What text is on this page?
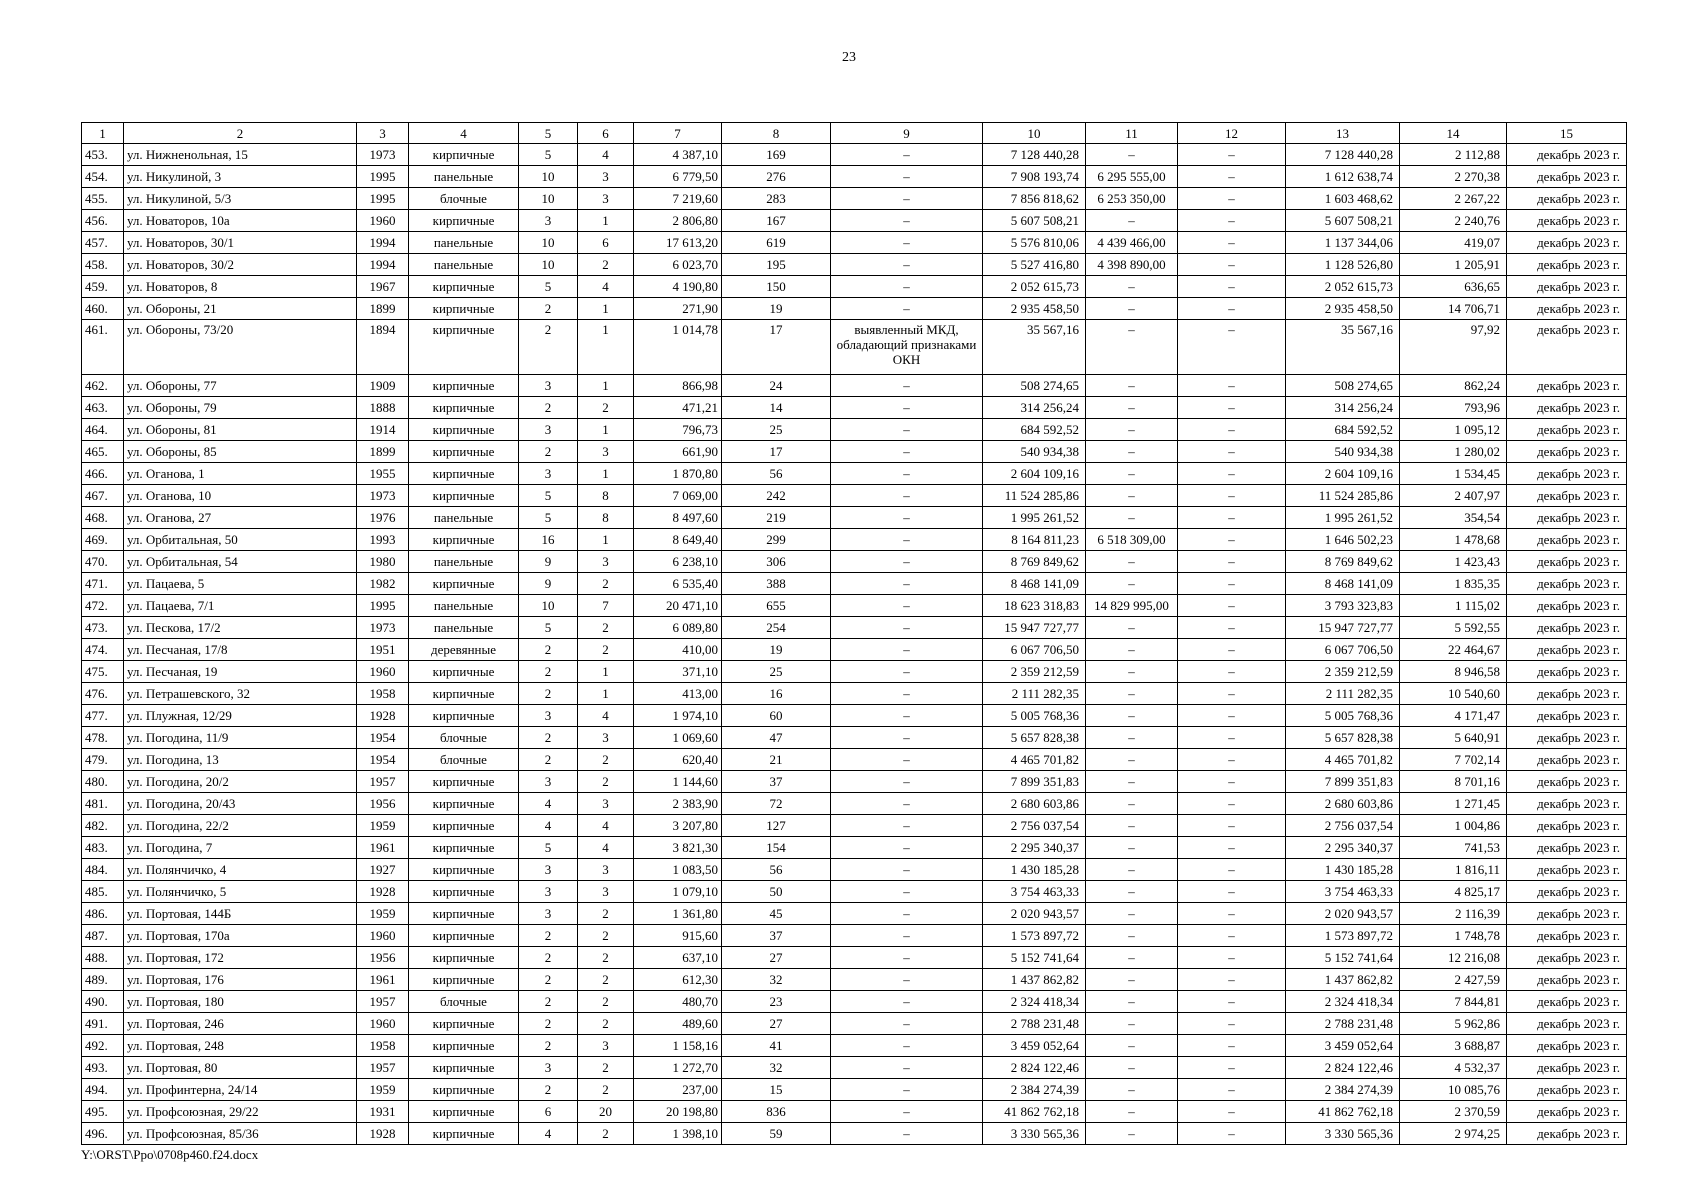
23
1	2	3	4	5	6	7	8	9	10	11	12	13	14	15
453.	ул. Нижненольная, 15	1973	кирпичные	5	4	4 387,10	169	–	7 128 440,28	–	–	7 128 440,28	2 112,88	декабрь 2023 г.
454.	ул. Никулиной, 3	1995	панельные	10	3	6 779,50	276	–	7 908 193,74	6 295 555,00	–	1 612 638,74	2 270,38	декабрь 2023 г.
455.	ул. Никулиной, 5/3	1995	блочные	10	3	7 219,60	283	–	7 856 818,62	6 253 350,00	–	1 603 468,62	2 267,22	декабрь 2023 г.
456.	ул. Новаторов, 10а	1960	кирпичные	3	1	2 806,80	167	–	5 607 508,21	–	–	5 607 508,21	2 240,76	декабрь 2023 г.
457.	ул. Новаторов, 30/1	1994	панельные	10	6	17 613,20	619	–	5 576 810,06	4 439 466,00	–	1 137 344,06	419,07	декабрь 2023 г.
458.	ул. Новаторов, 30/2	1994	панельные	10	2	6 023,70	195	–	5 527 416,80	4 398 890,00	–	1 128 526,80	1 205,91	декабрь 2023 г.
459.	ул. Новаторов, 8	1967	кирпичные	5	4	4 190,80	150	–	2 052 615,73	–	–	2 052 615,73	636,65	декабрь 2023 г.
460.	ул. Обороны, 21	1899	кирпичные	2	1	271,90	19	–	2 935 458,50	–	–	2 935 458,50	14 706,71	декабрь 2023 г.
461.	ул. Обороны, 73/20	1894	кирпичные	2	1	1 014,78	17	выявленный МКД, обладающий признаками ОКН	35 567,16	–	–	35 567,16	97,92	декабрь 2023 г.
462.	ул. Обороны, 77	1909	кирпичные	3	1	866,98	24	–	508 274,65	–	–	508 274,65	862,24	декабрь 2023 г.
463.	ул. Обороны, 79	1888	кирпичные	2	2	471,21	14	–	314 256,24	–	–	314 256,24	793,96	декабрь 2023 г.
464.	ул. Обороны, 81	1914	кирпичные	3	1	796,73	25	–	684 592,52	–	–	684 592,52	1 095,12	декабрь 2023 г.
465.	ул. Обороны, 85	1899	кирпичные	2	3	661,90	17	–	540 934,38	–	–	540 934,38	1 280,02	декабрь 2023 г.
466.	ул. Оганова, 1	1955	кирпичные	3	1	1 870,80	56	–	2 604 109,16	–	–	2 604 109,16	1 534,45	декабрь 2023 г.
467.	ул. Оганова, 10	1973	кирпичные	5	8	7 069,00	242	–	11 524 285,86	–	–	11 524 285,86	2 407,97	декабрь 2023 г.
468.	ул. Оганова, 27	1976	панельные	5	8	8 497,60	219	–	1 995 261,52	–	–	1 995 261,52	354,54	декабрь 2023 г.
469.	ул. Орбитальная, 50	1993	кирпичные	16	1	8 649,40	299	–	8 164 811,23	6 518 309,00	–	1 646 502,23	1 478,68	декабрь 2023 г.
470.	ул. Орбитальная, 54	1980	панельные	9	3	6 238,10	306	–	8 769 849,62	–	–	8 769 849,62	1 423,43	декабрь 2023 г.
471.	ул. Пацаева, 5	1982	кирпичные	9	2	6 535,40	388	–	8 468 141,09	–	–	8 468 141,09	1 835,35	декабрь 2023 г.
472.	ул. Пацаева, 7/1	1995	панельные	10	7	20 471,10	655	–	18 623 318,83	14 829 995,00	–	3 793 323,83	1 115,02	декабрь 2023 г.
473.	ул. Пескова, 17/2	1973	панельные	5	2	6 089,80	254	–	15 947 727,77	–	–	15 947 727,77	5 592,55	декабрь 2023 г.
474.	ул. Песчаная, 17/8	1951	деревянные	2	2	410,00	19	–	6 067 706,50	–	–	6 067 706,50	22 464,67	декабрь 2023 г.
475.	ул. Песчаная, 19	1960	кирпичные	2	1	371,10	25	–	2 359 212,59	–	–	2 359 212,59	8 946,58	декабрь 2023 г.
476.	ул. Петрашевского, 32	1958	кирпичные	2	1	413,00	16	–	2 111 282,35	–	–	2 111 282,35	10 540,60	декабрь 2023 г.
477.	ул. Плужная, 12/29	1928	кирпичные	3	4	1 974,10	60	–	5 005 768,36	–	–	5 005 768,36	4 171,47	декабрь 2023 г.
478.	ул. Погодина, 11/9	1954	блочные	2	3	1 069,60	47	–	5 657 828,38	–	–	5 657 828,38	5 640,91	декабрь 2023 г.
479.	ул. Погодина, 13	1954	блочные	2	2	620,40	21	–	4 465 701,82	–	–	4 465 701,82	7 702,14	декабрь 2023 г.
480.	ул. Погодина, 20/2	1957	кирпичные	3	2	1 144,60	37	–	7 899 351,83	–	–	7 899 351,83	8 701,16	декабрь 2023 г.
481.	ул. Погодина, 20/43	1956	кирпичные	4	3	2 383,90	72	–	2 680 603,86	–	–	2 680 603,86	1 271,45	декабрь 2023 г.
482.	ул. Погодина, 22/2	1959	кирпичные	4	4	3 207,80	127	–	2 756 037,54	–	–	2 756 037,54	1 004,86	декабрь 2023 г.
483.	ул. Погодина, 7	1961	кирпичные	5	4	3 821,30	154	–	2 295 340,37	–	–	2 295 340,37	741,53	декабрь 2023 г.
484.	ул. Полянчичко, 4	1927	кирпичные	3	3	1 083,50	56	–	1 430 185,28	–	–	1 430 185,28	1 816,11	декабрь 2023 г.
485.	ул. Полянчичко, 5	1928	кирпичные	3	3	1 079,10	50	–	3 754 463,33	–	–	3 754 463,33	4 825,17	декабрь 2023 г.
486.	ул. Портовая, 144Б	1959	кирпичные	3	2	1 361,80	45	–	2 020 943,57	–	–	2 020 943,57	2 116,39	декабрь 2023 г.
487.	ул. Портовая, 170а	1960	кирпичные	2	2	915,60	37	–	1 573 897,72	–	–	1 573 897,72	1 748,78	декабрь 2023 г.
488.	ул. Портовая, 172	1956	кирпичные	2	2	637,10	27	–	5 152 741,64	–	–	5 152 741,64	12 216,08	декабрь 2023 г.
489.	ул. Портовая, 176	1961	кирпичные	2	2	612,30	32	–	1 437 862,82	–	–	1 437 862,82	2 427,59	декабрь 2023 г.
490.	ул. Портовая, 180	1957	блочные	2	2	480,70	23	–	2 324 418,34	–	–	2 324 418,34	7 844,81	декабрь 2023 г.
491.	ул. Портовая, 246	1960	кирпичные	2	2	489,60	27	–	2 788 231,48	–	–	2 788 231,48	5 962,86	декабрь 2023 г.
492.	ул. Портовая, 248	1958	кирпичные	2	3	1 158,16	41	–	3 459 052,64	–	–	3 459 052,64	3 688,87	декабрь 2023 г.
493.	ул. Портовая, 80	1957	кирпичные	3	2	1 272,70	32	–	2 824 122,46	–	–	2 824 122,46	4 532,37	декабрь 2023 г.
494.	ул. Профинтерна, 24/14	1959	кирпичные	2	2	237,00	15	–	2 384 274,39	–	–	2 384 274,39	10 085,76	декабрь 2023 г.
495.	ул. Профсоюзная, 29/22	1931	кирпичные	6	20	20 198,80	836	–	41 862 762,18	–	–	41 862 762,18	2 370,59	декабрь 2023 г.
496.	ул. Профсоюзная, 85/36	1928	кирпичные	4	2	1 398,10	59	–	3 330 565,36	–	–	3 330 565,36	2 974,25	декабрь 2023 г.
Y:\ORST\Ppo\0708p460.f24.docx
